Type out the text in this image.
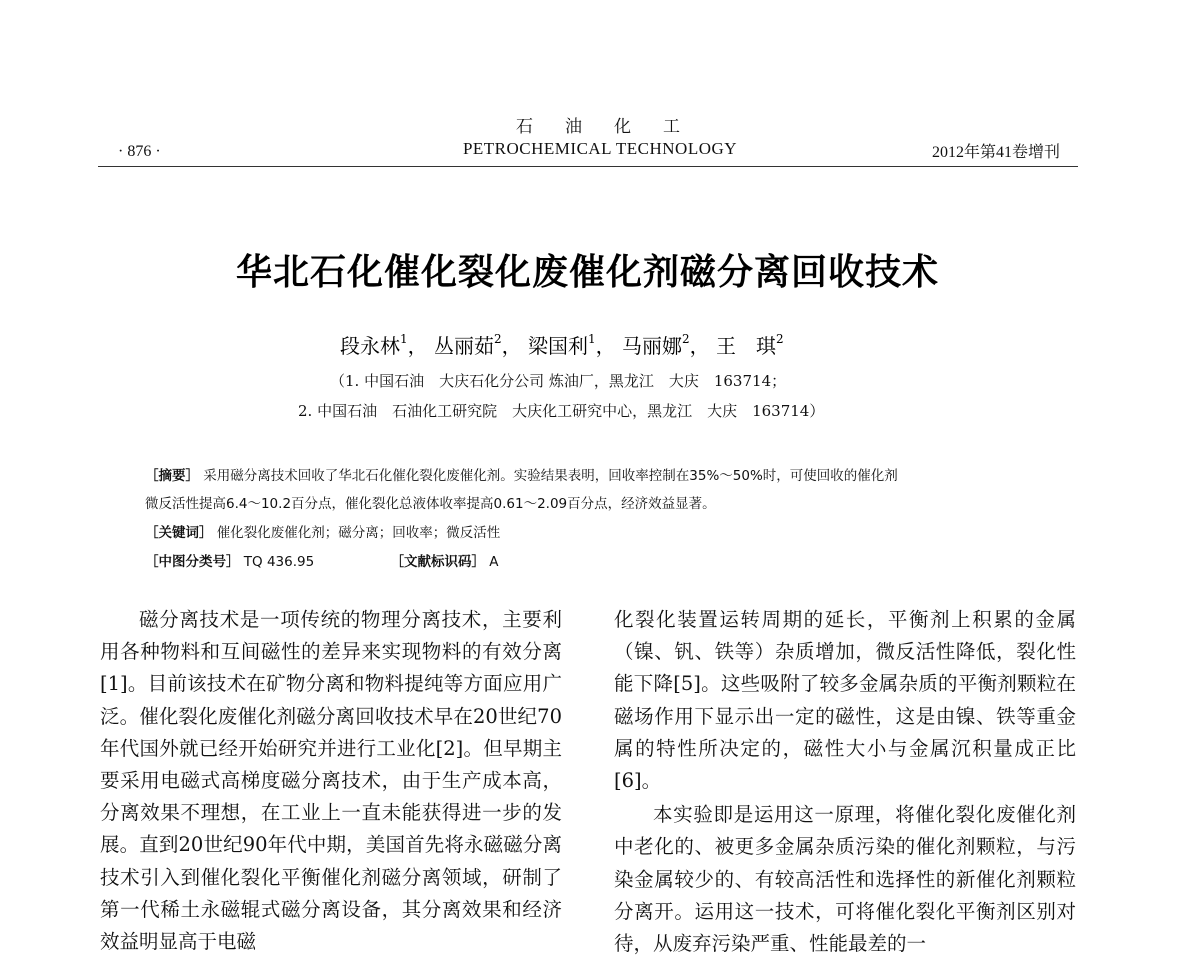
石 油 化 工
· 876 ·	PETROCHEMICAL TECHNOLOGY	2012年第41卷增刊
华北石化催化裂化废催化剂磁分离回收技术
段永林$^1$， 丛丽茹$^2$， 梁国利$^1$， 马丽娜$^2$， 王　琪$^2$
（1. 中国石油　大庆石化分公司 炼油厂，黑龙江　大庆　163714；
2. 中国石油　石油化工研究院　大庆化工研究中心，黑龙江　大庆　163714）
［摘要］ 采用磁分离技术回收了华北石化催化裂化废催化剂。实验结果表明，回收率控制在35%～50%时，可使回收的催化剂
微反活性提高6.4～10.2百分点，催化裂化总液体收率提高0.61～2.09百分点，经济效益显著。
［关键词］ 催化裂化废催化剂；磁分离；回收率；微反活性
［中图分类号］ TQ 436.95	［文献标识码］ A

磁分离技术是一项传统的物理分离技术，主要利用各种物料和互间磁性的差异来实现物料的有效分离[1]。目前该技术在矿物分离和物料提纯等方面应用广泛。催化裂化废催化剂磁分离回收技术早在20世纪70年代国外就已经开始研究并进行工业化[2]。但早期主要采用电磁式高梯度磁分离技术，由于生产成本高，分离效果不理想，在工业上一直未能获得进一步的发展。直到20世纪90年代中期，美国首先将永磁磁分离技术引入到催化裂化平衡催化剂磁分离领域，研制了第一代稀土永磁辊式磁分离设备，其分离效果和经济效益明显高于电磁

化裂化装置运转周期的延长，平衡剂上积累的金属（镍、钒、铁等）杂质增加，微反活性降低，裂化性能下降[5]。这些吸附了较多金属杂质的平衡剂颗粒在磁场作用下显示出一定的磁性，这是由镍、铁等重金属的特性所决定的，磁性大小与金属沉积量成正比[6]。

本实验即是运用这一原理，将催化裂化废催化剂中老化的、被更多金属杂质污染的催化剂颗粒，与污染金属较少的、有较高活性和选择性的新催化剂颗粒分离开。运用这一技术，可将催化裂化平衡剂区别对待，从废弃污染严重、性能最差的一
